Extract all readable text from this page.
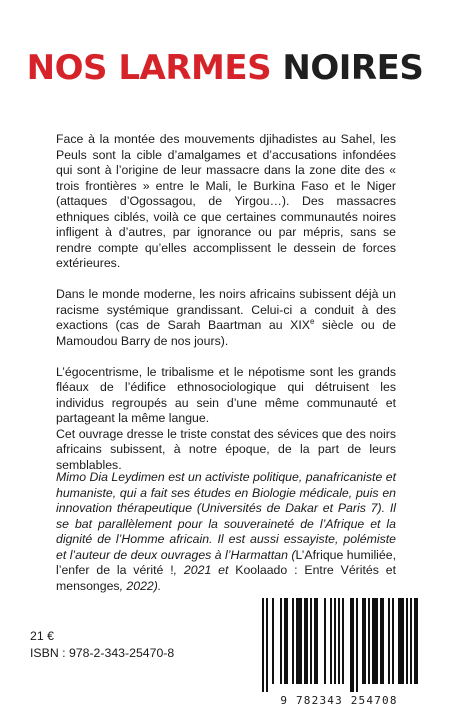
NOS LARMES NOIRES

Face à la montée des mouvements djihadistes au Sahel, les Peuls sont la cible d’amalgames et d’accusations infondées qui sont à l’origine de leur massacre dans la zone dite des « trois frontières » entre le Mali, le Burkina Faso et le Niger (attaques d’Ogossagou, de Yirgou…). Des massacres ethniques ciblés, voilà ce que certaines communautés noires infligent à d’autres, par ignorance ou par mépris, sans se rendre compte qu’elles accomplissent le dessein de forces extérieures.

Dans le monde moderne, les noirs africains subissent déjà un racisme systémique grandissant. Celui-ci a conduit à des exactions (cas de Sarah Baartman au XIXe siècle ou de Mamoudou Barry de nos jours).

L’égocentrisme, le tribalisme et le népotisme sont les grands fléaux de l’édifice ethnosociologique qui détruisent les individus regroupés au sein d’une même communauté et partageant la même langue.

Cet ouvrage dresse le triste constat des sévices que des noirs africains subissent, à notre époque, de la part de leurs semblables.

Mimo Dia Leydimen est un activiste politique, panafricaniste et humaniste, qui a fait ses études en Biologie médicale, puis en innovation thérapeutique (Universités de Dakar et Paris 7). Il se bat parallèlement pour la souveraineté de l’Afrique et la dignité de l’Homme africain. Il est aussi essayiste, polémiste et l’auteur de deux ouvrages à l’Harmattan (L’Afrique humiliée, l’enfer de la vérité !, 2021 et Koolaado : Entre Vérités et mensonges, 2022).

21 €
ISBN : 978-2-343-25470-8
9 782343 254708
